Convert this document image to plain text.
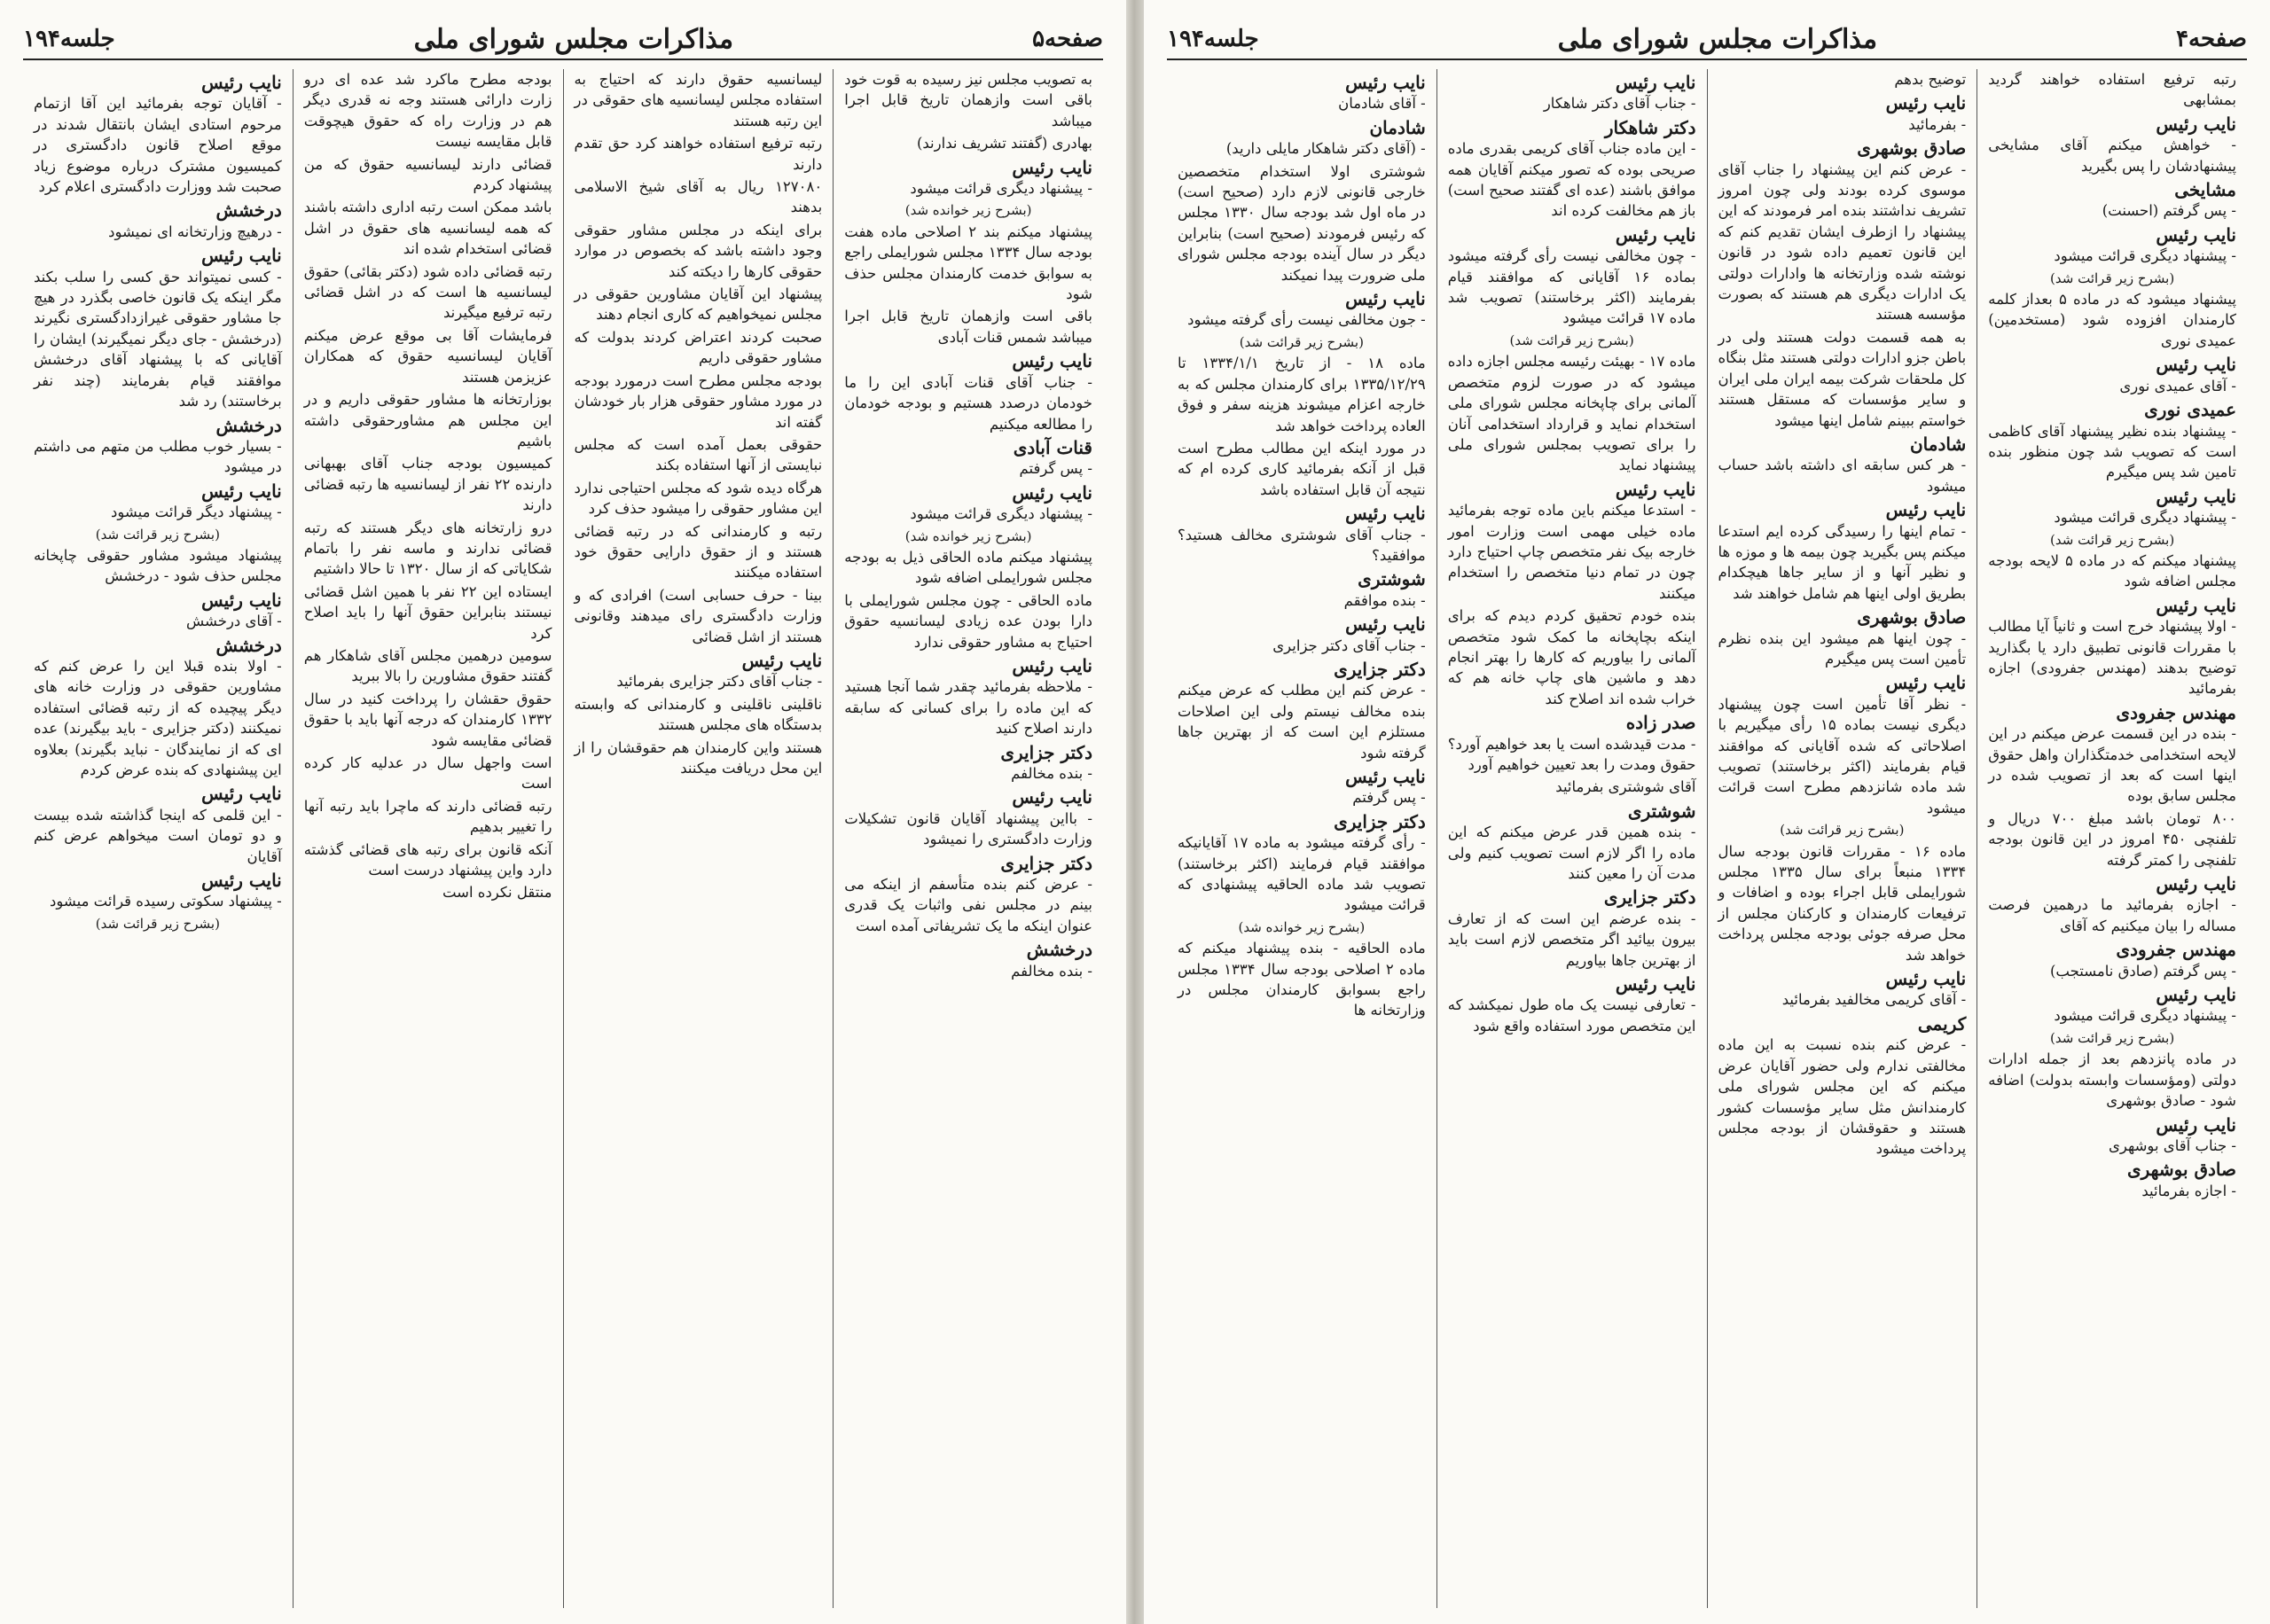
صفحه۵
مذاکرات مجلس شورای ملی
جلسه۱۹۴

به تصویب مجلس نیز رسیده به قوت خود باقی است وازهمان تاریخ قابل اجرا میباشد

بهادری (گفتند تشریف ندارند)

نایب رئیس

- پیشنهاد دیگری قرائت میشود

(بشرح زیر خوانده شد)

پیشنهاد میکنم بند ۲ اصلاحی ماده هفت بودجه سال ۱۳۳۴ مجلس شورایملی راجع به سوابق خدمت کارمندان مجلس حذف شود

باقی است وازهمان تاریخ قابل اجرا میباشد شمس قنات آبادی

نایب رئیس

- جناب آقای قنات آبادی این را ما خودمان درصدد هستیم و بودجه خودمان را مطالعه میکنیم

قنات آبادی

- پس گرفتم

نایب رئیس

- پیشنهاد دیگری قرائت میشود

(بشرح زیر خوانده شد)

پیشنهاد میکنم ماده الحاقی ذیل به بودجه مجلس شورایملی اضافه شود

ماده الحاقی - چون مجلس شورایملی با دارا بودن عده زیادی لیسانسیه حقوق احتیاج به مشاور حقوقی ندارد

نایب رئیس

- ملاحظه بفرمائید چقدر شما آنجا هستید که این ماده را برای کسانی که سابقه دارند اصلاح کنید

دکتر جزایری

- بنده مخالفم

نایب رئیس

- بااین پیشنهاد آقایان قانون تشکیلات وزارت دادگستری را نمیشود

دکتر جزایری

- عرض کنم بنده متأسفم از اینکه می بینم در مجلس نفی واثبات یک قدری عنوان اینکه ما یک تشریفاتی آمده است

درخشش

- بنده مخالفم

لیسانسیه حقوق دارند که احتیاج به استفاده مجلس لیسانسیه های حقوقی در این رتبه هستند

رتبه ترفیع استفاده خواهند کرد حق تقدم دارند

۱۲۷۰۸۰ ریال به آقای شیخ الاسلامی بدهند

برای اینکه در مجلس مشاور حقوقی وجود داشته باشد که بخصوص در موارد حقوقی کارها را دیکته کند

پیشنهاد این آقایان مشاورین حقوقی در مجلس نمیخواهیم که کاری انجام دهند

صحبت کردند اعتراض کردند بدولت که مشاور حقوقی داریم

بودجه مجلس مطرح است درمورد بودجه در مورد مشاور حقوقی هزار بار خودشان گفته اند

حقوقی بعمل آمده است که مجلس نبایستی از آنها استفاده بکند

هرگاه دیده شود که مجلس احتیاجی ندارد این مشاور حقوقی را میشود حذف کرد

رتبه و کارمندانی که در رتبه قضائی هستند و از حقوق دارایی حقوق خود استفاده میکنند

بینا - حرف حسابی است) افرادی که و وزارت دادگستری رای میدهند وقانونی هستند از اشل قضائی

نایب رئیس

- جناب آقای دکتر جزایری بفرمائید

ناقلینی ناقلینی و کارمندانی که وابسته بدستگاه های مجلس هستند

هستند واین کارمندان هم حقوقشان را از این محل دریافت میکنند

بودجه مطرح ماکرد شد عده ای درو زارت دارائی هستند وجه نه قدری دیگر هم در وزارت راه که حقوق هیچوقت قابل مقایسه نیست

قضائی دارند لیسانسیه حقوق که من پیشنهاد کردم

باشد ممکن است رتبه اداری داشته باشند که همه لیسانسیه های حقوق در اشل قضائی استخدام شده اند

رتبه قضائی داده شود (دکتر بقائی) حقوق لیسانسیه ها است که در اشل قضائی رتبه ترفیع میگیرند

فرمایشات آقا بی موقع عرض میکنم آقایان لیسانسیه حقوق که همکاران عزیزمن هستند

بوزارتخانه ها مشاور حقوقی داریم و در این مجلس هم مشاورحقوقی داشته باشیم

کمیسیون بودجه جناب آقای بهبهانی دارنده ۲۲ نفر از لیسانسیه ها رتبه قضائی دارند

درو زارتخانه های دیگر هستند که رتبه قضائی ندارند و ماسه نفر را باتمام شکایاتی که از سال ۱۳۲۰ تا حالا داشتیم

ایستاده این ۲۲ نفر با همین اشل قضائی نیستند بنابراین حقوق آنها را باید اصلاح کرد

سومین درهمین مجلس آقای شاهکار هم گفتند حقوق مشاورین را بالا ببرید

حقوق حقشان را پرداخت کنید در سال ۱۳۳۲ کارمندان که درجه آنها باید با حقوق قضائی مقایسه شود

است واجهل سال در عدلیه کار کرده است

رتبه قضائی دارند که ماچرا باید رتبه آنها را تغییر بدهیم

آنکه قانون برای رتبه های قضائی گذشته دارد واین پیشنهاد درست است

منتقل نکرده است

نایب رئیس

- آقایان توجه بفرمائید این آقا ازتمام مرحوم استادی ایشان بانتقال شدند در موقع اصلاح قانون دادگستری در کمیسیون مشترک درباره موضوع زیاد صحبت شد ووزارت دادگستری اعلام کرد

درخشش

- درهیچ وزارتخانه ای نمیشود

نایب رئیس

- کسی نمیتواند حق کسی را سلب بکند مگر اینکه یک قانون خاصی بگذرد در هیچ جا مشاور حقوقی غیرازدادگستری نگیرند (درخشش - جای دیگر نمیگیرند) ایشان را آقایانی که با پیشنهاد آقای درخشش موافقند قیام بفرمایند (چند نفر برخاستند) رد شد

درخشش

- بسیار خوب مطلب من متهم می داشتم در میشود

نایب رئیس

- پیشنهاد دیگر قرائت میشود

(بشرح زیر قرائت شد)

پیشنهاد میشود مشاور حقوقی چاپخانه مجلس حذف شود - درخشش

نایب رئیس

- آقای درخشش

درخشش

- اولا بنده قبلا این را عرض کنم که مشاورین حقوقی در وزارت خانه های دیگر پیچیده که از رتبه قضائی استفاده نمیکنند (دکتر جزایری - باید بیگیرند) عده ای که از نمایندگان - نباید بگیرند) بعلاوه این پیشنهادی که بنده عرض کردم

نایب رئیس

- این قلمی که اینجا گذاشته شده بیست و دو تومان است میخواهم عرض کنم آقایان

نایب رئیس

- پیشنهاد سکوتی رسیده قرائت میشود

(بشرح زیر قرائت شد)
صفحه۴
مذاکرات مجلس شورای ملی
جلسه۱۹۴

رتبه ترفیع استفاده خواهند گردید بمشابهی

نایب رئیس

- خواهش میکنم آقای مشایخی پیشنهادشان را پس بگیرید

مشایخی

- پس گرفتم (احسنت)

نایب رئیس

- پیشنهاد دیگری قرائت میشود

(بشرح زیر قرائت شد)

پیشنهاد میشود که در ماده ۵ بعداز کلمه کارمندان افزوده شود (مستخدمین) عمیدی نوری

نایب رئیس

- آقای عمیدی نوری

عمیدی نوری

- پیشنهاد بنده نظیر پیشنهاد آقای کاظمی است که تصویب شد چون منظور بنده تامین شد پس میگیرم

نایب رئیس

- پیشنهاد دیگری قرائت میشود

(بشرح زیر قرائت شد)

پیشنهاد میکنم که در ماده ۵ لایحه بودجه مجلس اضافه شود

نایب رئیس

- اولا پیشنهاد خرج است و ثانیاً آیا مطالب با مقررات قانونی تطبیق دارد یا بگذارید توضیح بدهند (مهندس جفرودی) اجازه بفرمائید

مهندس جفرودی

- بنده در این قسمت عرض میکنم در این لایحه استخدامی خدمتگذاران واهل حقوق اینها است که بعد از تصویب شده در مجلس سابق بوده

۸۰۰ تومان باشد مبلغ ۷۰۰ دریال و تلفنچی ۴۵۰ امروز در این قانون بودجه تلفنچی را کمتر گرفته

نایب رئیس

- اجازه بفرمائید ما درهمین فرصت مساله را بیان میکنیم که آقای

مهندس جفرودی

- پس گرفتم (صادق نامستجب)

نایب رئیس

- پیشنهاد دیگری قرائت میشود

(بشرح زیر قرائت شد)

در ماده پانزدهم بعد از جمله ادارات دولتی (ومؤسسات وابسته بدولت) اضافه شود - صادق بوشهری

نایب رئیس

- جناب آقای بوشهری

صادق بوشهری

- اجازه بفرمائید

توضیح بدهم

نایب رئیس

- بفرمائید

صادق بوشهری

- عرض کنم این پیشنهاد را جناب آقای موسوی کرده بودند ولی چون امروز تشریف نداشتند بنده امر فرمودند که این پیشنهاد را ازطرف ایشان تقدیم کنم که این قانون تعمیم داده شود در قانون نوشته شده وزارتخانه ها وادارات دولتی یک ادارات دیگری هم هستند که بصورت مؤسسه هستند

به همه قسمت دولت هستند ولی در باطن جزو ادارات دولتی هستند مثل بنگاه کل ملحقات شرکت بیمه ایران ملی ایران و سایر مؤسسات که مستقل هستند خواستم ببینم شامل اینها میشود

شادمان

- هر کس سابقه ای داشته باشد حساب میشود

نایب رئیس

- تمام اینها را رسیدگی کرده ایم استدعا میکنم پس بگیرید چون بیمه ها و موزه ها و نظیر آنها و از سایر جاها هیچکدام بطریق اولی اینها هم شامل خواهند شد

صادق بوشهری

- چون اینها هم میشود این بنده نظرم تأمین است پس میگیرم

نایب رئیس

- نظر آقا تأمین است چون پیشنهاد دیگری نیست بماده ۱۵ رأی میگیریم با اصلاحاتی که شده آقایانی که موافقند قیام بفرمایند (اکثر برخاستند) تصویب شد ماده شانزدهم مطرح است قرائت میشود

(بشرح زیر قرائت شد)

ماده ۱۶ - مقررات قانون بودجه سال ۱۳۳۴ منبعاً برای سال ۱۳۳۵ مجلس شورایملی قابل اجراء بوده و اضافات و ترفیعات کارمندان و کارکنان مجلس از محل صرفه جوئی بودجه مجلس پرداخت خواهد شد

نایب رئیس

- آقای کریمی مخالفید بفرمائید

کریمی

- عرض کنم بنده نسبت به این ماده مخالفتی ندارم ولی حضور آقایان عرض میکنم که این مجلس شورای ملی کارمندانش مثل سایر مؤسسات کشور هستند و حقوقشان از بودجه مجلس پرداخت میشود

نایب رئیس

- جناب آقای دکتر شاهکار

دکتر شاهکار

- این ماده جناب آقای کریمی بقدری ماده صریحی بوده که تصور میکنم آقایان همه موافق باشند (عده ای گفتند صحیح است) باز هم مخالفت کرده اند

نایب رئیس

- چون مخالفی نیست رأی گرفته میشود بماده ۱۶ آقایانی که موافقند قیام بفرمایند (اکثر برخاستند) تصویب شد ماده ۱۷ قرائت میشود

(بشرح زیر قرائت شد)

ماده ۱۷ - بهیئت رئیسه مجلس اجازه داده میشود که در صورت لزوم متخصص آلمانی برای چاپخانه مجلس شورای ملی استخدام نماید و قرارداد استخدامی آنان را برای تصویب بمجلس شورای ملی پیشنهاد نماید

نایب رئیس

- استدعا میکنم باین ماده توجه بفرمائید ماده خیلی مهمی است وزارت امور خارجه بیک نفر متخصص چاپ احتیاج دارد چون در تمام دنیا متخصص را استخدام میکنند

بنده خودم تحقیق کردم دیدم که برای اینکه بچاپخانه ما کمک شود متخصص آلمانی را بیاوریم که کارها را بهتر انجام دهد و ماشین های چاپ خانه هم که خراب شده اند اصلاح کند

صدر زاده

- مدت قیدشده است یا بعد خواهیم آورد؟ حقوق ومدت را بعد تعیین خواهیم آورد

آقای شوشتری بفرمائید

شوشتری

- بنده همین قدر عرض میکنم که این ماده را اگر لازم است تصویب کنیم ولی مدت آن را معین کنند

دکتر جزایری

- بنده عرضم این است که از تعارف بیرون بیائید اگر متخصص لازم است باید از بهترین جاها بیاوریم

نایب رئیس

- تعارفی نیست یک ماه طول نمیکشد که این متخصص مورد استفاده واقع شود

نایب رئیس

- آقای شادمان

شادمان

- (آقای دکتر شاهکار مایلی دارید)

شوشتری اولا استخدام متخصصین خارجی قانونی لازم دارد (صحیح است) در ماه اول شد بودجه سال ۱۳۳۰ مجلس که رئیس فرمودند (صحیح است) بنابراین دیگر در سال آینده بودجه مجلس شورای ملی ضرورت پیدا نمیکند

نایب رئیس

- جون مخالفی نیست رأی گرفته میشود

(بشرح زیر قرائت شد)

ماده ۱۸ - از تاریخ ۱۳۳۴/۱/۱ تا ۱۳۳۵/۱۲/۲۹ برای کارمندان مجلس که به خارجه اعزام میشوند هزینه سفر و فوق العاده پرداخت خواهد شد

در مورد اینکه این مطالب مطرح است قبل از آنکه بفرمائید کاری کرده ام که نتیجه آن قابل استفاده باشد

نایب رئیس

- جناب آقای شوشتری مخالف هستید؟ موافقید؟

شوشتری

- بنده موافقم

نایب رئیس

- جناب آقای دکتر جزایری

دکتر جزایری

- عرض کنم این مطلب که عرض میکنم بنده مخالف نیستم ولی این اصلاحات مستلزم این است که از بهترین جاها گرفته شود

نایب رئیس

- پس گرفتم

دکتر جزایری

- رأی گرفته میشود به ماده ۱۷ آقایانیکه موافقند قیام فرمایند (اکثر برخاستند) تصویب شد ماده الحاقیه پیشنهادی که قرائت میشود

(بشرح زیر خوانده شد)

ماده الحاقیه - بنده پیشنهاد میکنم که ماده ۲ اصلاحی بودجه سال ۱۳۳۴ مجلس راجع بسوابق کارمندان مجلس در وزارتخانه ها
